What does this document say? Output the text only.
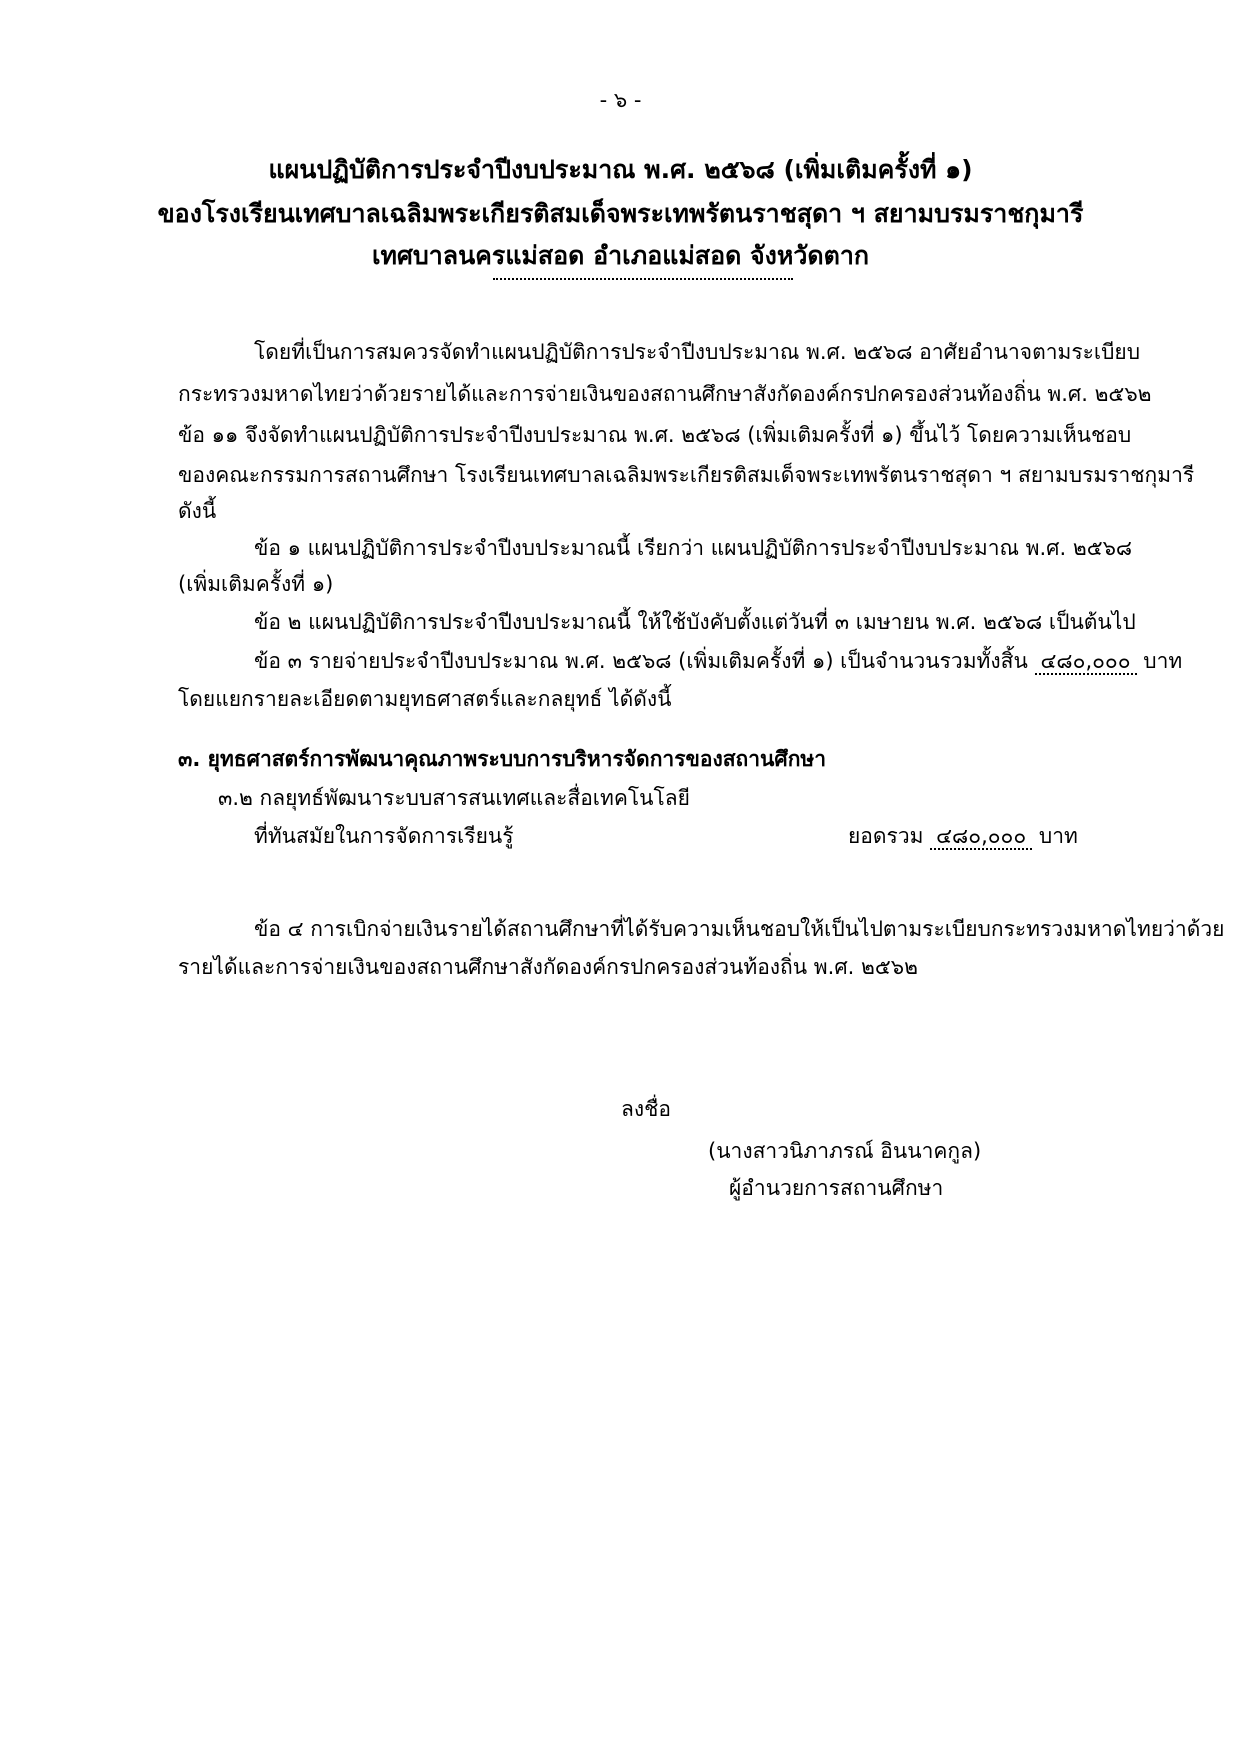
- ๖ -
แผนปฏิบัติการประจำปีงบประมาณ พ.ศ. ๒๕๖๘ (เพิ่มเติมครั้งที่ ๑)
ของโรงเรียนเทศบาลเฉลิมพระเกียรติสมเด็จพระเทพรัตนราชสุดา ฯ สยามบรมราชกุมารี
เทศบาลนครแม่สอด อำเภอแม่สอด จังหวัดตาก
โดยที่เป็นการสมควรจัดทำแผนปฏิบัติการประจำปีงบประมาณ พ.ศ. ๒๕๖๘ อาศัยอำนาจตามระเบียบ
กระทรวงมหาดไทยว่าด้วยรายได้และการจ่ายเงินของสถานศึกษาสังกัดองค์กรปกครองส่วนท้องถิ่น พ.ศ. ๒๕๖๒
ข้อ ๑๑ จึงจัดทำแผนปฏิบัติการประจำปีงบประมาณ พ.ศ. ๒๕๖๘ (เพิ่มเติมครั้งที่ ๑) ขึ้นไว้ โดยความเห็นชอบ
ของคณะกรรมการสถานศึกษา โรงเรียนเทศบาลเฉลิมพระเกียรติสมเด็จพระเทพรัตนราชสุดา ฯ สยามบรมราชกุมารี
ดังนี้
ข้อ ๑ แผนปฏิบัติการประจำปีงบประมาณนี้ เรียกว่า แผนปฏิบัติการประจำปีงบประมาณ พ.ศ. ๒๕๖๘
(เพิ่มเติมครั้งที่ ๑)
ข้อ ๒ แผนปฏิบัติการประจำปีงบประมาณนี้ ให้ใช้บังคับตั้งแต่วันที่ ๓ เมษายน พ.ศ. ๒๕๖๘ เป็นต้นไป
ข้อ ๓ รายจ่ายประจำปีงบประมาณ พ.ศ. ๒๕๖๘ (เพิ่มเติมครั้งที่ ๑) เป็นจำนวนรวมทั้งสิ้น ๔๘๐,๐๐๐ บาท
โดยแยกรายละเอียดตามยุทธศาสตร์และกลยุทธ์ ได้ดังนี้
๓. ยุทธศาสตร์การพัฒนาคุณภาพระบบการบริหารจัดการของสถานศึกษา
๓.๒ กลยุทธ์พัฒนาระบบสารสนเทศและสื่อเทคโนโลยี
ที่ทันสมัยในการจัดการเรียนรู้	ยอดรวม ๔๘๐,๐๐๐ บาท
ข้อ ๔ การเบิกจ่ายเงินรายได้สถานศึกษาที่ได้รับความเห็นชอบให้เป็นไปตามระเบียบกระทรวงมหาดไทยว่าด้วย
รายได้และการจ่ายเงินของสถานศึกษาสังกัดองค์กรปกครองส่วนท้องถิ่น พ.ศ. ๒๕๖๒
ลงชื่อ
(นางสาวนิภาภรณ์ อินนาคกูล)
ผู้อำนวยการสถานศึกษา
